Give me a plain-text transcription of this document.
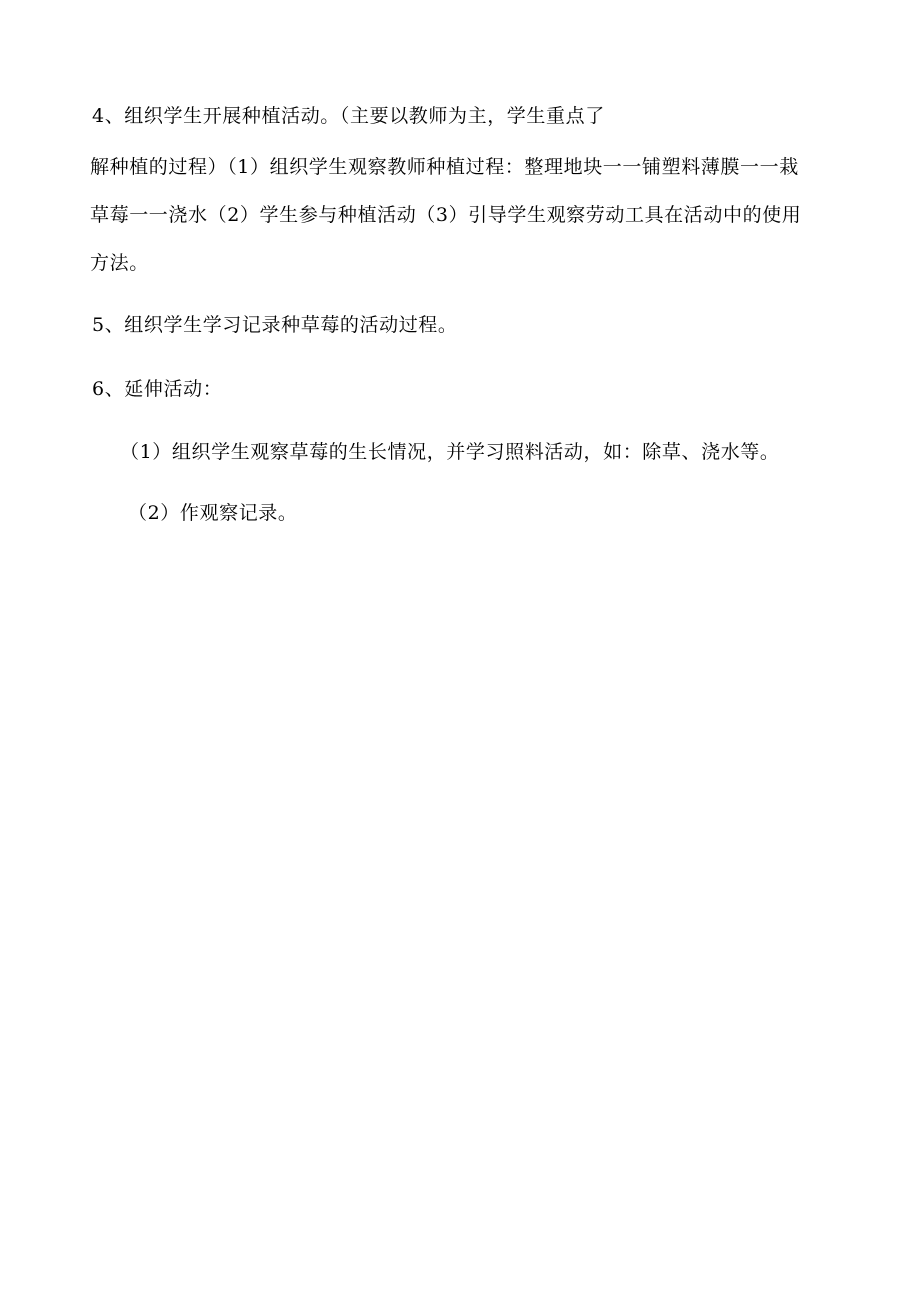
4、组织学生开展种植活动。（主要以教师为主，学生重点了
解种植的过程）（1）组织学生观察教师种植过程：整理地块一一铺塑料薄膜一一栽
草莓一一浇水（2）学生参与种植活动（3）引导学生观察劳动工具在活动中的使用
方法。
5、组织学生学习记录种草莓的活动过程。
6、延伸活动：
（1）组织学生观察草莓的生长情况，并学习照料活动，如：除草、浇水等。
（2）作观察记录。
